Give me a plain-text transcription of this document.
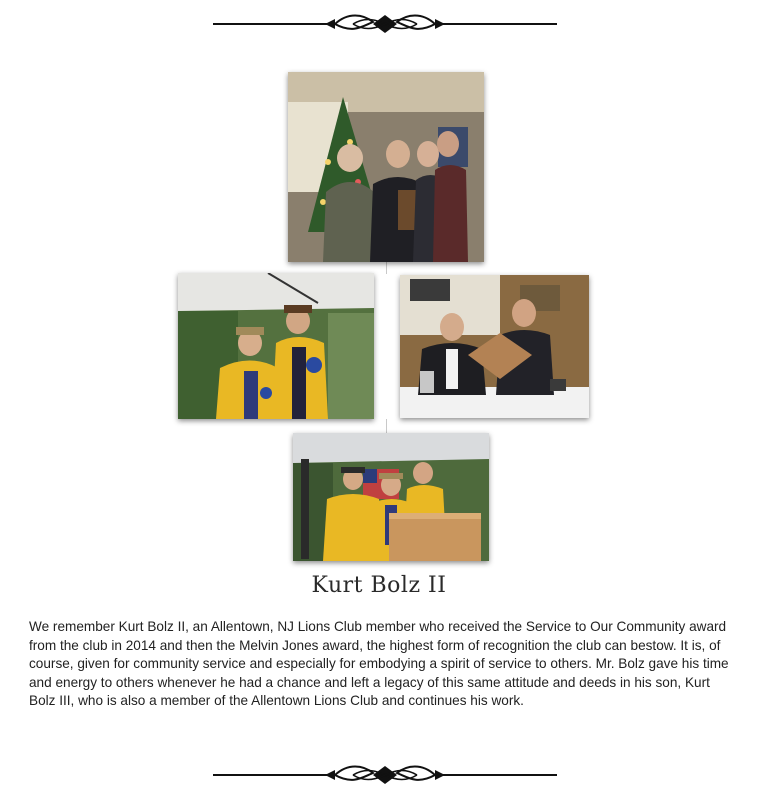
Kurt Bolz II

We remember Kurt Bolz II, an Allentown, NJ Lions Club member who received the Service to Our Community award from the club in 2014 and then the Melvin Jones award, the highest form of recognition the club can bestow. It is, of course, given for community service and especially for embodying a spirit of service to others. Mr. Bolz gave his time and energy to others whenever he had a chance and left a legacy of this same attitude and deeds in his son, Kurt Bolz III, who is also a member of the Allentown Lions Club and continues his work.
